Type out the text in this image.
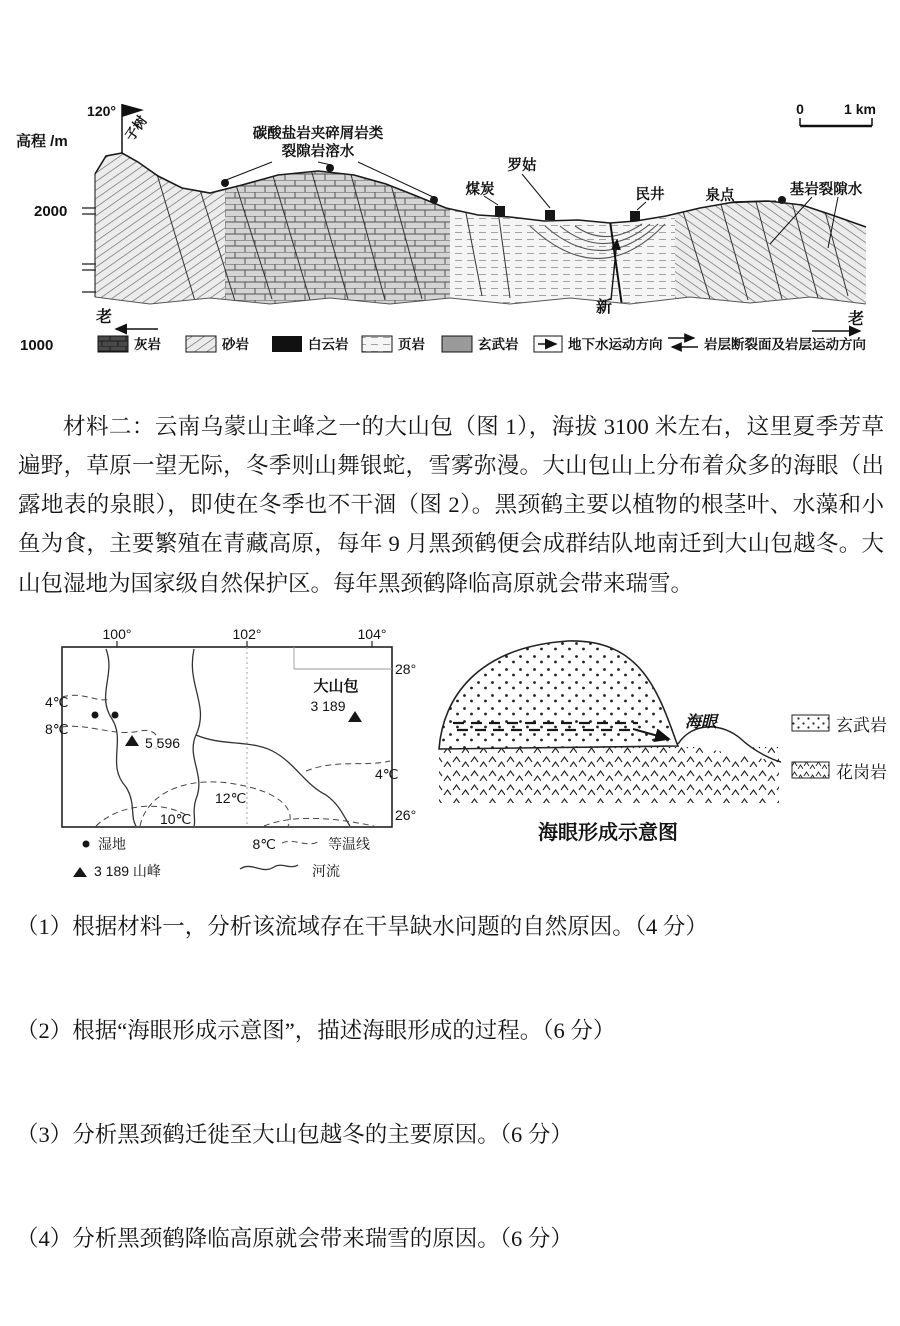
0	1 km
高程 /m
2000
1000
120°
子树	碳酸盐岩夹碎屑岩类
裂隙岩溶水
罗姑
煤炭	民井	泉点	基岩裂隙水
老
新
老
灰岩	砂岩	白云岩	页岩	玄武岩	地下水运动方向	岩层断裂面及岩层运动方向

材料二：云南乌蒙山主峰之一的大山包（图 1），海拔 3100 米左右，这里夏季芳草遍野，草原一望无际，冬季则山舞银蛇，雪雾弥漫。大山包山上分布着众多的海眼（出露地表的泉眼），即使在冬季也不干涸（图 2）。黑颈鹤主要以植物的根茎叶、水藻和小鱼为食，主要繁殖在青藏高原，每年 9 月黑颈鹤便会成群结队地南迁到大山包越冬。大山包湿地为国家级自然保护区。每年黑颈鹤降临高原就会带来瑞雪。

100°	102°	104°
28°
26°
4℃
8℃
大山包
3 189
5 596
12℃
10℃
4℃
湿地	8℃	等温线
3 189 山峰	河流
海眼
海眼形成示意图
玄武岩
花岗岩

（1）根据材料一，分析该流域存在干旱缺水问题的自然原因。（4 分）

（2）根据“海眼形成示意图”，描述海眼形成的过程。（6 分）

（3）分析黑颈鹤迁徙至大山包越冬的主要原因。（6 分）

（4）分析黑颈鹤降临高原就会带来瑞雪的原因。（6 分）
